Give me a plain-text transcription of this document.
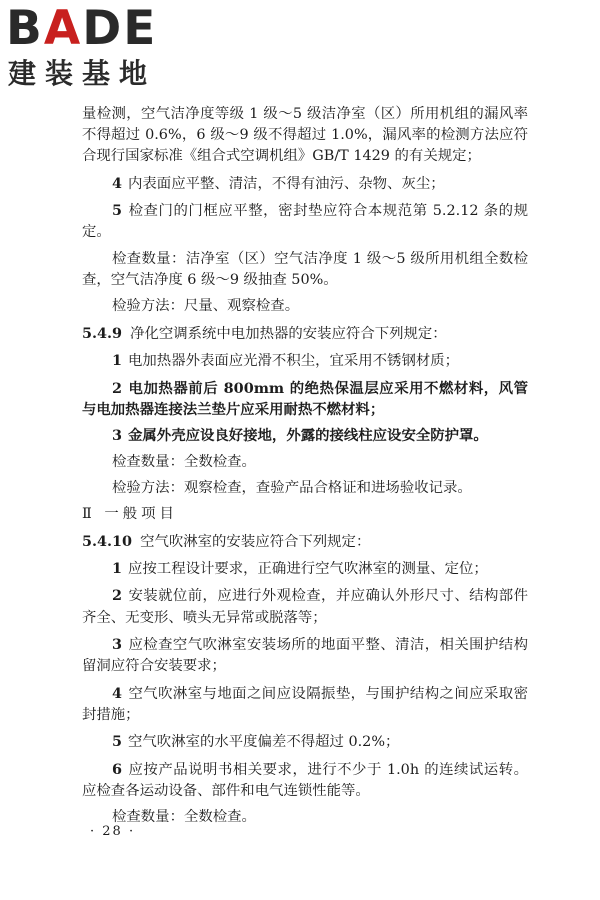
BADE
建装基地

量检测，空气洁净度等级 1 级～5 级洁净室（区）所用机组的漏风率不得超过 0.6%，6 级～9 级不得超过 1.0%，漏风率的检测方法应符合现行国家标准《组合式空调机组》GB/T 1429 的有关规定；

4 内表面应平整、清洁，不得有油污、杂物、灰尘；

5 检查门的门框应平整，密封垫应符合本规范第 5.2.12 条的规定。

检查数量：洁净室（区）空气洁净度 1 级～5 级所用机组全数检查，空气洁净度 6 级～9 级抽查 50%。

检验方法：尺量、观察检查。

5.4.9 净化空调系统中电加热器的安装应符合下列规定：

1 电加热器外表面应光滑不积尘，宜采用不锈钢材质；

2 电加热器前后 800mm 的绝热保温层应采用不燃材料，风管与电加热器连接法兰垫片应采用耐热不燃材料；

3 金属外壳应设良好接地，外露的接线柱应设安全防护罩。

检查数量：全数检查。

检验方法：观察检查，查验产品合格证和进场验收记录。

Ⅱ 一般项目

5.4.10 空气吹淋室的安装应符合下列规定：

1 应按工程设计要求，正确进行空气吹淋室的测量、定位；

2 安装就位前，应进行外观检查，并应确认外形尺寸、结构部件齐全、无变形、喷头无异常或脱落等；

3 应检查空气吹淋室安装场所的地面平整、清洁，相关围护结构留洞应符合安装要求；

4 空气吹淋室与地面之间应设隔振垫，与围护结构之间应采取密封措施；

5 空气吹淋室的水平度偏差不得超过 0.2%；

6 应按产品说明书相关要求，进行不少于 1.0h 的连续试运转。应检查各运动设备、部件和电气连锁性能等。

检查数量：全数检查。

· 28 ·
